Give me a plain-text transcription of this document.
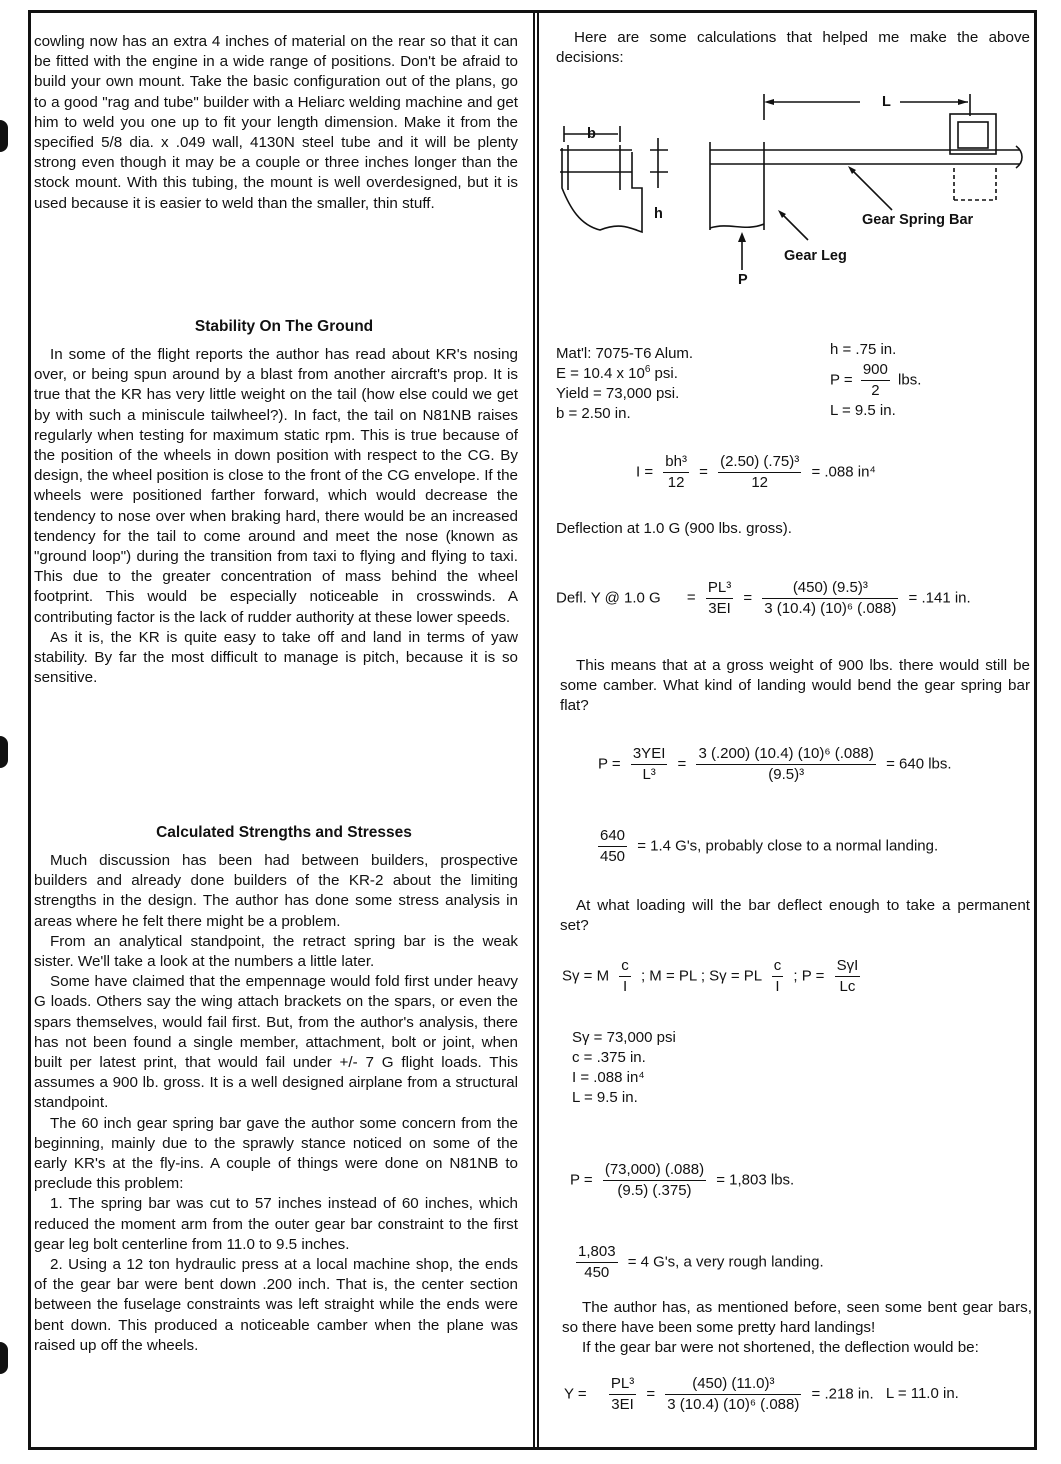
cowling now has an extra 4 inches of material on the rear so that it can be fitted with the engine in a wide range of positions. Don't be afraid to build your own mount. Take the basic configuration out of the plans, go to a good "rag and tube" builder with a Heliarc welding machine and get him to weld you one up to fit your length dimension. Make it from the specified 5/8 dia. x .049 wall, 4130N steel tube and it will be plenty strong even though it may be a couple or three inches longer than the stock mount. With this tubing, the mount is well overdesigned, but it is used because it is easier to weld than the smaller, thin stuff.

Stability On The Ground

In some of the flight reports the author has read about KR's nosing over, or being spun around by a blast from another aircraft's prop. It is true that the KR has very little weight on the tail (how else could we get by with such a miniscule tailwheel?). In fact, the tail on N81NB raises regularly when testing for maximum static rpm. This is true because of the position of the wheels in down position with respect to the CG. By design, the wheel position is close to the front of the CG envelope. If the wheels were positioned farther forward, which would decrease the tendency to nose over when braking hard, there would be an increased tendency for the tail to come around and meet the nose (known as "ground loop") during the transition from taxi to flying and flying to taxi. This due to the greater concentration of mass behind the wheel footprint. This would be especially noticeable in crosswinds. A contributing factor is the lack of rudder authority at these lower speeds.

As it is, the KR is quite easy to take off and land in terms of yaw stability. By far the most difficult to manage is pitch, because it is so sensitive.

Calculated Strengths and Stresses

Much discussion has been had between builders, prospective builders and already done builders of the KR-2 about the limiting strengths in the design. The author has done some stress analysis in areas where he felt there might be a problem.

From an analytical standpoint, the retract spring bar is the weak sister. We'll take a look at the numbers a little later.

Some have claimed that the empennage would fold first under heavy G loads. Others say the wing attach brackets on the spars, or even the spars themselves, would fail first. But, from the author's analysis, there has not been found a single member, attachment, bolt or joint, when built per latest print, that would fail under +/- 7 G flight loads. This assumes a 900 lb. gross. It is a well designed airplane from a structural standpoint.

The 60 inch gear spring bar gave the author some concern from the beginning, mainly due to the sprawly stance noticed on some of the early KR's at the fly-ins. A couple of things were done on N81NB to preclude this problem:

1. The spring bar was cut to 57 inches instead of 60 inches, which reduced the moment arm from the outer gear bar constraint to the first gear leg bolt centerline from 11.0 to 9.5 inches.

2. Using a 12 ton hydraulic press at a local machine shop, the ends of the gear bar were bent down .200 inch. That is, the center section between the fuselage constraints was left straight while the ends were bent down. This produced a noticeable camber when the plane was raised up off the wheels.

Here are some calculations that helped me make the above decisions:

b
h
L
Gear Spring Bar
Gear Leg
P
Mat'l: 7075-T6 Alum.
E = 10.4 x $10^6$ psi.
Yield = 73,000 psi.
b = 2.50 in.
h = .75 in.
$P = \frac{900}{2}$ lbs.
L = 9.5 in.
$I = \frac{\text{bh³}}{12} = \frac{\text{(2.50) (.75)³}}{12} = .088$ in⁴
Deflection at 1.0 G (900 lbs. gross).
Defl. Y @ 1.0 $G = \frac{\text{PL³}}{3EI} = \frac{\text{(450) (9.5)³}}{\text{3 (10.4) (10)⁶ (.088)}} = .141$ in.

This means that at a gross weight of 900 lbs. there would still be some camber. What kind of landing would bend the gear spring bar flat?

$P = \frac{\text{3YEI}}{\text{L³}} = \frac{\text{3 (.200) (10.4) (10)⁶ (.088)}}{\text{(9.5)³}} = 640$ lbs.
$\frac{640}{450} = 1.4$ G's, probably close to a normal landing.

At what loading will the bar deflect enough to take a permanent set?

Sγ = M $\frac{c}{I}$ ; M = PL ; Sγ = PL $\frac{c}{I}$ ; $P = \frac{\text{SγI}}{Lc}$
Sγ = 73,000 psi
c = .375 in.
I = .088 in⁴
L = 9.5 in.
$P = \frac{(73,000) (.088)}{(9.5) (.375)} = 1,803$ lbs.
$\frac{1,803}{450} = 4$ G's, a very rough landing.

The author has, as mentioned before, seen some bent gear bars, so there have been some pretty hard landings!

If the gear bar were not shortened, the deflection would be:

$Y = \frac{\text{PL³}}{3EI} = \frac{\text{(450) (11.0)³}}{\text{3 (10.4) (10)⁶ (.088)}} = .218$ in. L = 11.0 in.
